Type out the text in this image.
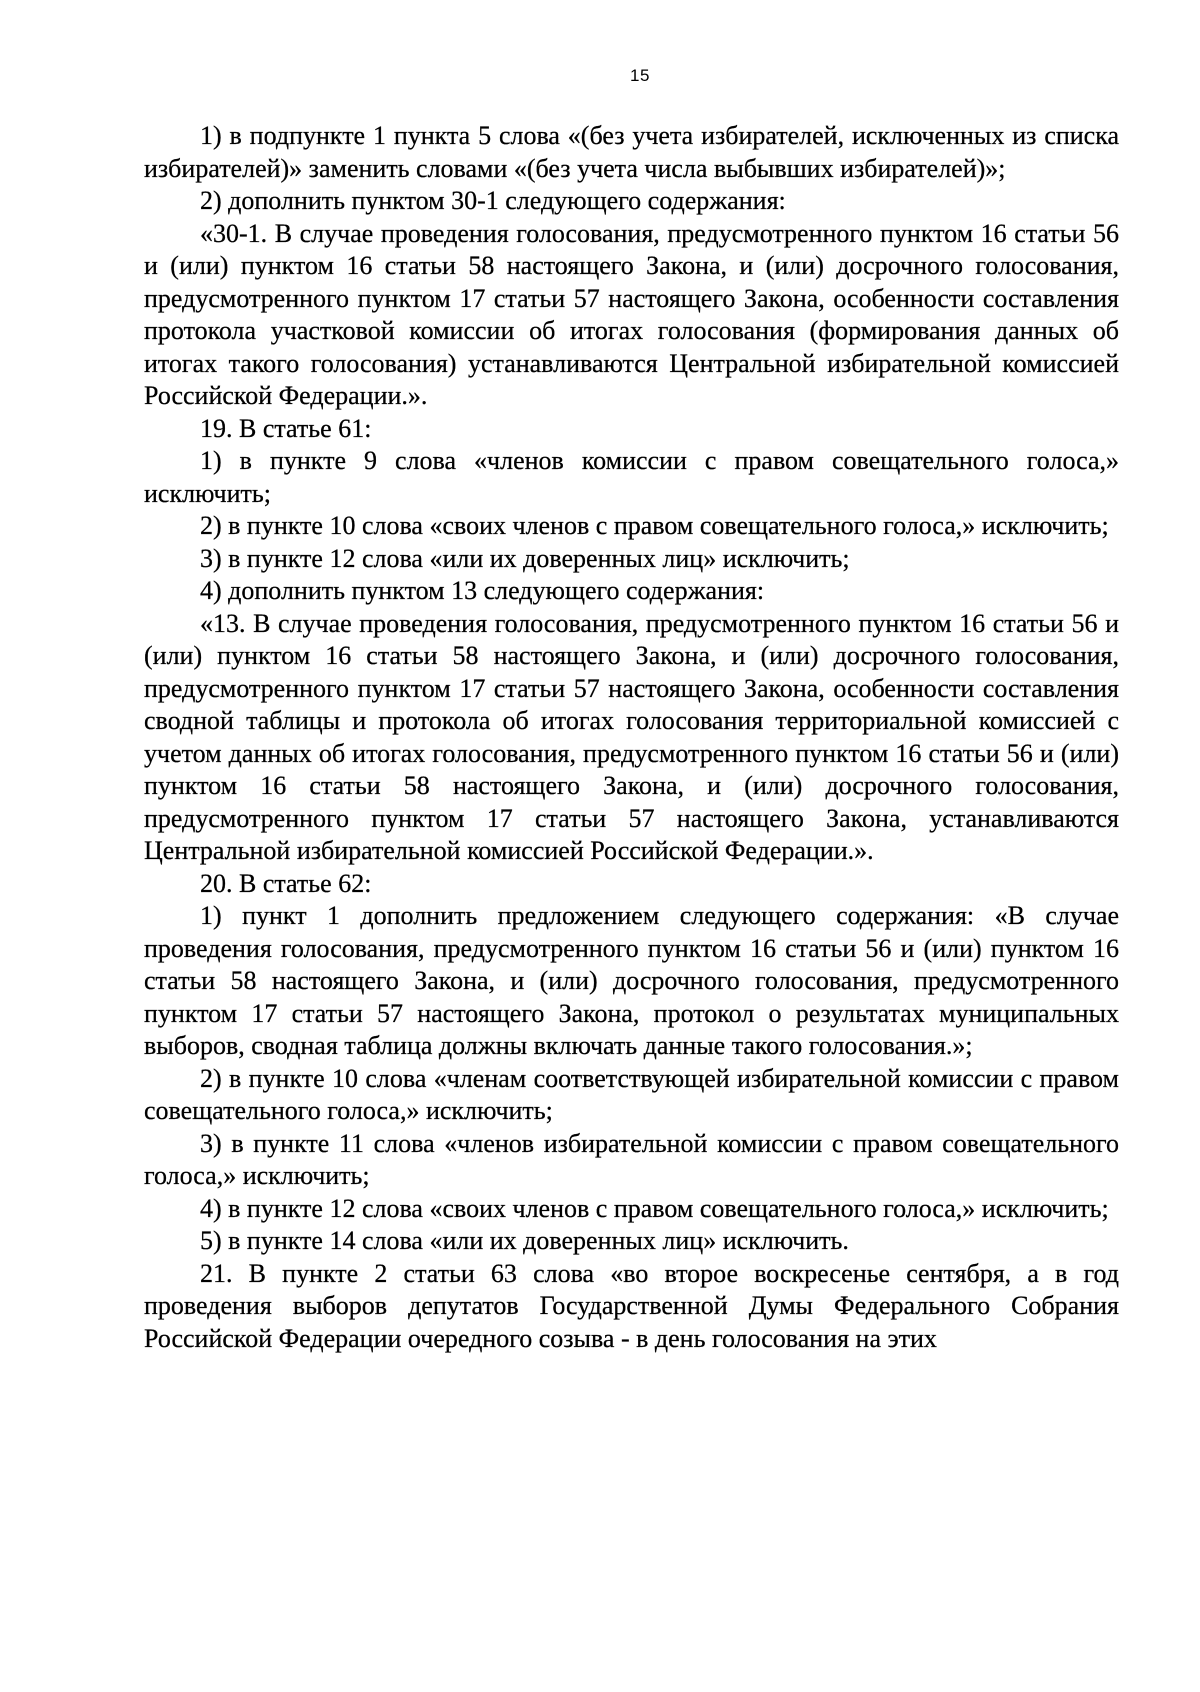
15

1) в подпункте 1 пункта 5 слова «(без учета избирателей, исключенных из списка избирателей)» заменить словами «(без учета числа выбывших избирателей)»;

2) дополнить пунктом 30-1 следующего содержания:

«30-1. В случае проведения голосования, предусмотренного пунктом 16 статьи 56 и (или) пунктом 16 статьи 58 настоящего Закона, и (или) досрочного голосования, предусмотренного пунктом 17 статьи 57 настоящего Закона, особенности составления протокола участковой комиссии об итогах голосования (формирования данных об итогах такого голосования) устанавливаются Центральной избирательной комиссией Российской Федерации.».

19. В статье 61:

1) в пункте 9 слова «членов комиссии с правом совещательного голоса,» исключить;

2) в пункте 10 слова «своих членов с правом совещательного голоса,» исключить;

3) в пункте 12 слова «или их доверенных лиц» исключить;

4) дополнить пунктом 13 следующего содержания:

«13. В случае проведения голосования, предусмотренного пунктом 16 статьи 56 и (или) пунктом 16 статьи 58 настоящего Закона, и (или) досрочного голосования, предусмотренного пунктом 17 статьи 57 настоящего Закона, особенности составления сводной таблицы и протокола об итогах голосования территориальной комиссией с учетом данных об итогах голосования, предусмотренного пунктом 16 статьи 56 и (или) пунктом 16 статьи 58 настоящего Закона, и (или) досрочного голосования, предусмотренного пунктом 17 статьи 57 настоящего Закона, устанавливаются Центральной избирательной комиссией Российской Федерации.».

20. В статье 62:

1) пункт 1 дополнить предложением следующего содержания: «В случае проведения голосования, предусмотренного пунктом 16 статьи 56 и (или) пунктом 16 статьи 58 настоящего Закона, и (или) досрочного голосования, предусмотренного пунктом 17 статьи 57 настоящего Закона, протокол о результатах муниципальных выборов, сводная таблица должны включать данные такого голосования.»;

2) в пункте 10 слова «членам соответствующей избирательной комиссии с правом совещательного голоса,» исключить;

3) в пункте 11 слова «членов избирательной комиссии с правом совещательного голоса,» исключить;

4) в пункте 12 слова «своих членов с правом совещательного голоса,» исключить;

5) в пункте 14 слова «или их доверенных лиц» исключить.

21. В пункте 2 статьи 63 слова «во второе воскресенье сентября, а в год проведения выборов депутатов Государственной Думы Федерального Собрания Российской Федерации очередного созыва - в день голосования на этих
